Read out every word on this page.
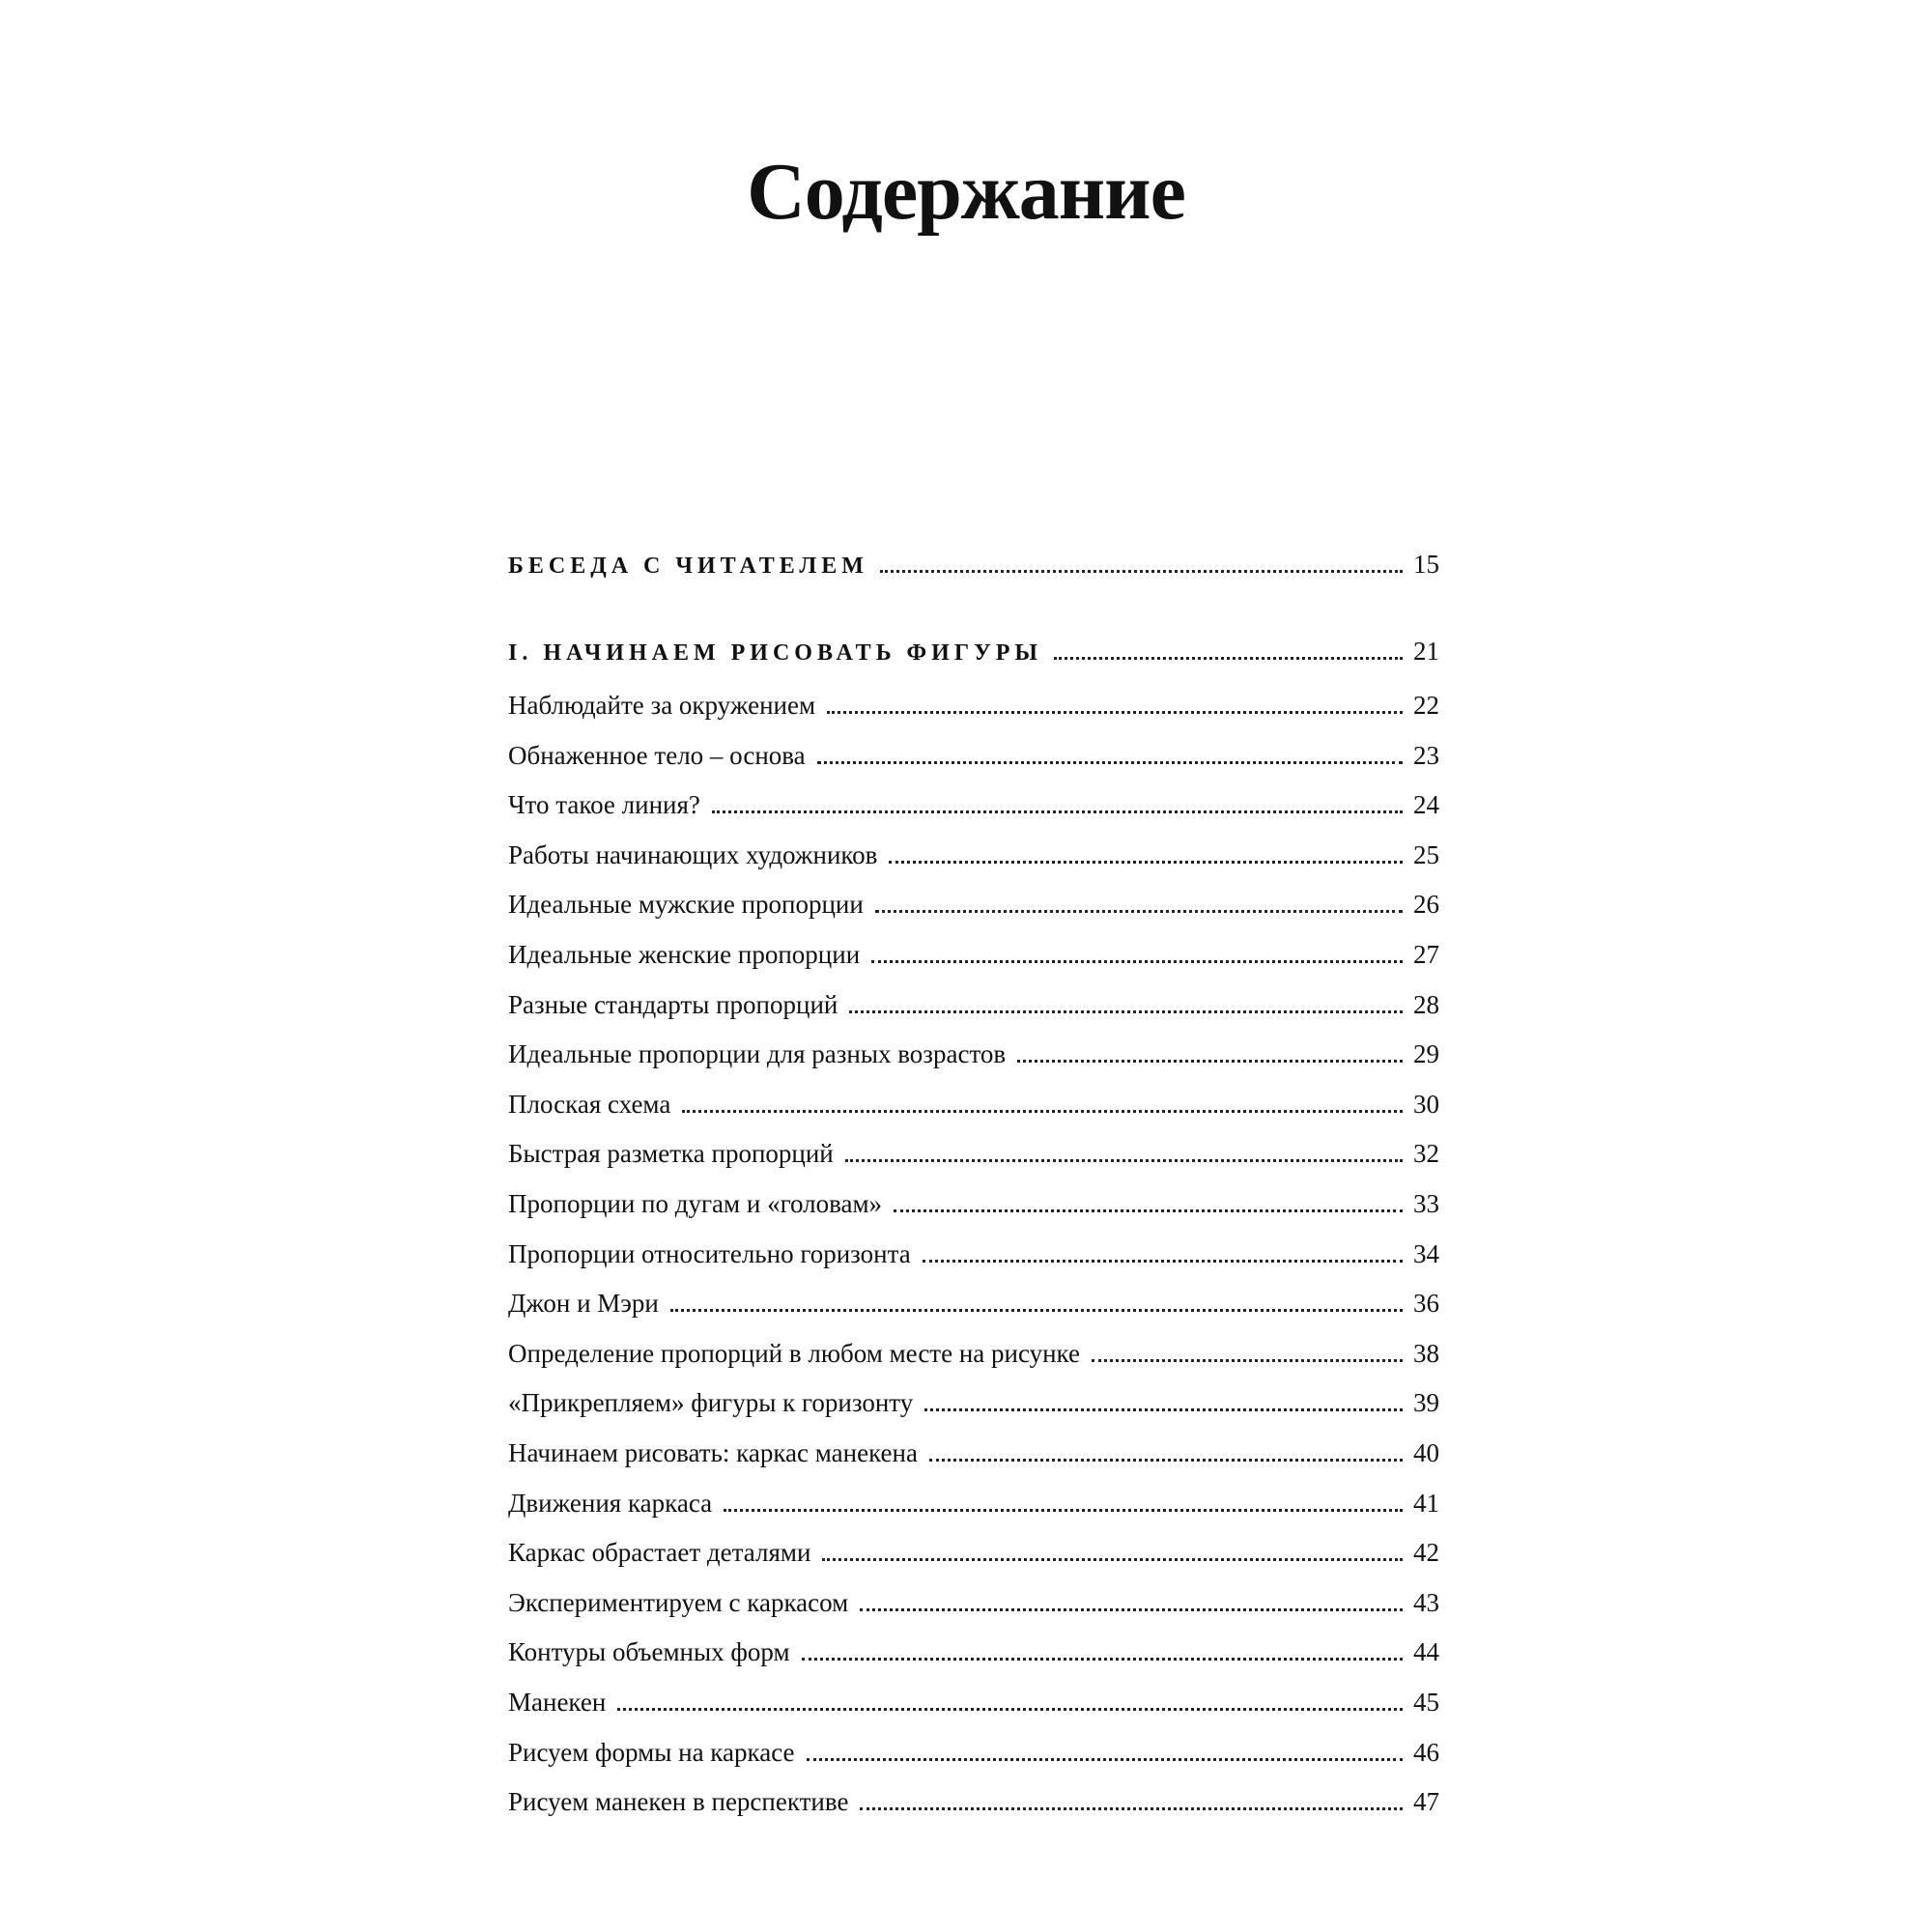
Содержание
БЕСЕДА С ЧИТАТЕЛЕМ	15
I. НАЧИНАЕМ РИСОВАТЬ ФИГУРЫ	21
Наблюдайте за окружением	22
Обнаженное тело – основа	23
Что такое линия?	24
Работы начинающих художников	25
Идеальные мужские пропорции	26
Идеальные женские пропорции	27
Разные стандарты пропорций	28
Идеальные пропорции для разных возрастов	29
Плоская схема	30
Быстрая разметка пропорций	32
Пропорции по дугам и «головам»	33
Пропорции относительно горизонта	34
Джон и Мэри	36
Определение пропорций в любом месте на рисунке	38
«Прикрепляем» фигуры к горизонту	39
Начинаем рисовать: каркас манекена	40
Движения каркаса	41
Каркас обрастает деталями	42
Экспериментируем с каркасом	43
Контуры объемных форм	44
Манекен	45
Рисуем формы на каркасе	46
Рисуем манекен в перспективе	47
